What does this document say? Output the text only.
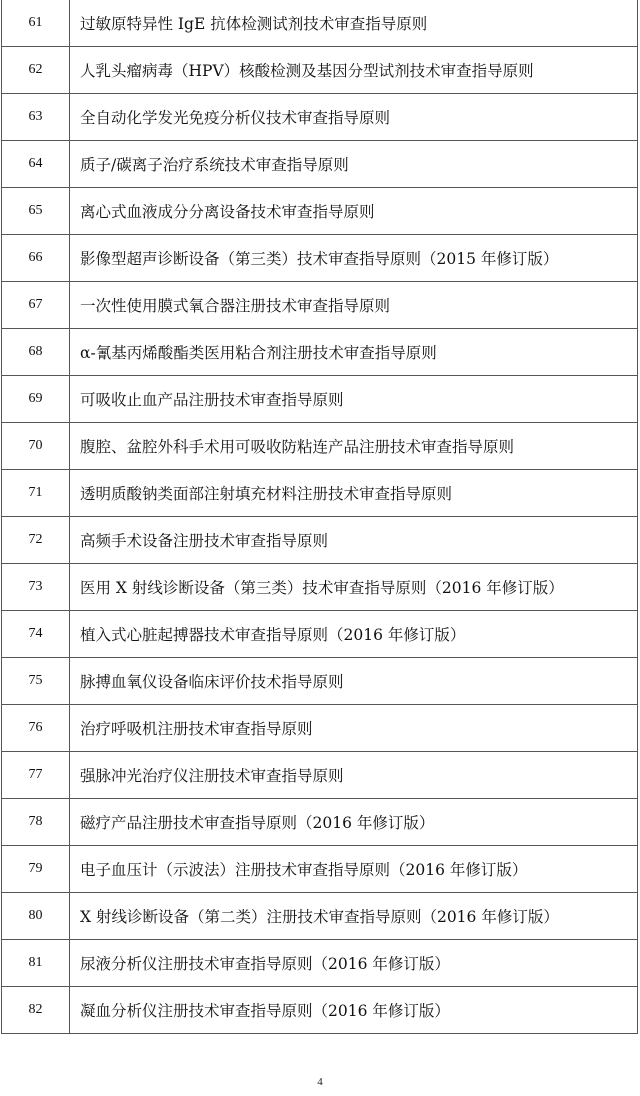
61	过敏原特异性 IgE 抗体检测试剂技术审查指导原则
62	人乳头瘤病毒（HPV）核酸检测及基因分型试剂技术审查指导原则
63	全自动化学发光免疫分析仪技术审查指导原则
64	质子/碳离子治疗系统技术审查指导原则
65	离心式血液成分分离设备技术审查指导原则
66	影像型超声诊断设备（第三类）技术审查指导原则（2015 年修订版）
67	一次性使用膜式氧合器注册技术审查指导原则
68	α-氰基丙烯酸酯类医用粘合剂注册技术审查指导原则
69	可吸收止血产品注册技术审查指导原则
70	腹腔、盆腔外科手术用可吸收防粘连产品注册技术审查指导原则
71	透明质酸钠类面部注射填充材料注册技术审查指导原则
72	高频手术设备注册技术审查指导原则
73	医用 X 射线诊断设备（第三类）技术审查指导原则（2016 年修订版）
74	植入式心脏起搏器技术审查指导原则（2016 年修订版）
75	脉搏血氧仪设备临床评价技术指导原则
76	治疗呼吸机注册技术审查指导原则
77	强脉冲光治疗仪注册技术审查指导原则
78	磁疗产品注册技术审查指导原则（2016 年修订版）
79	电子血压计（示波法）注册技术审查指导原则（2016 年修订版）
80	X 射线诊断设备（第二类）注册技术审查指导原则（2016 年修订版）
81	尿液分析仪注册技术审查指导原则（2016 年修订版）
82	凝血分析仪注册技术审查指导原则（2016 年修订版）
4
